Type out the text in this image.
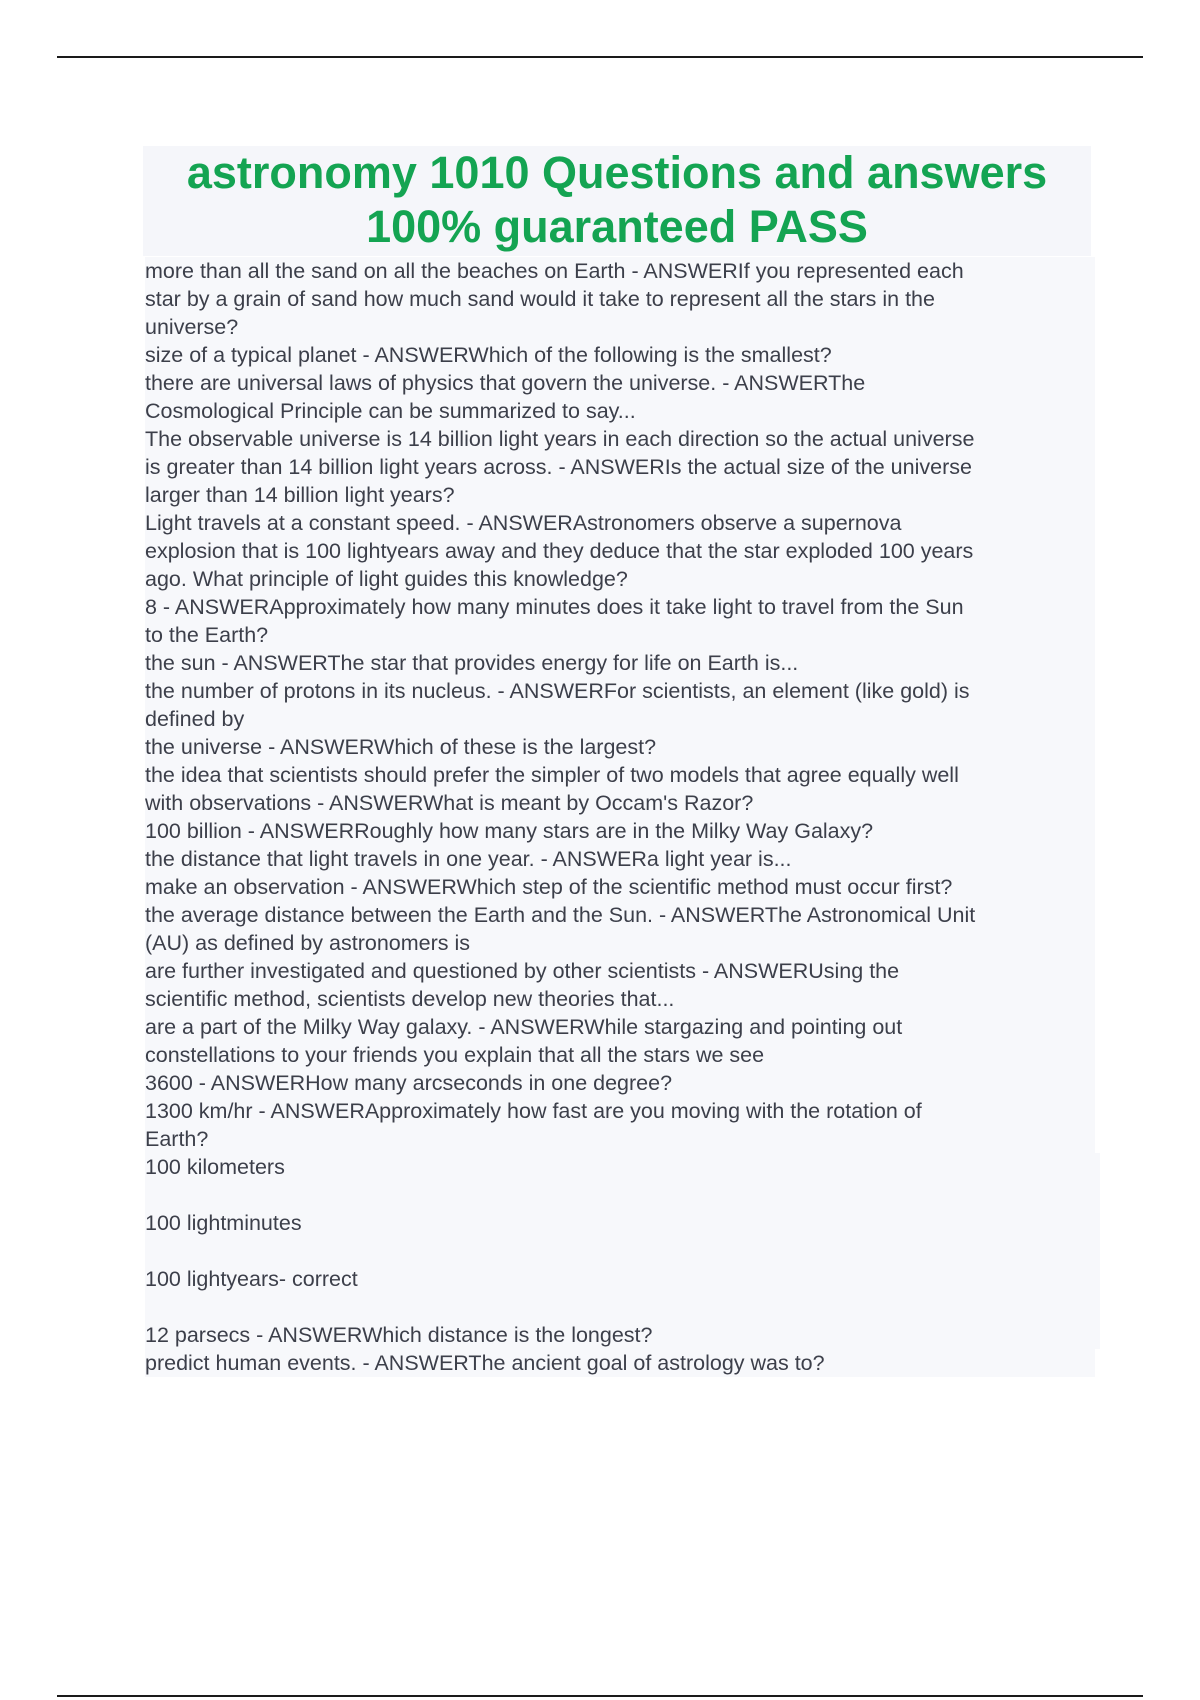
astronomy 1010 Questions and answers
100% guaranteed PASS
more than all the sand on all the beaches on Earth - ANSWERIf you represented each
star by a grain of sand how much sand would it take to represent all the stars in the
universe?
size of a typical planet - ANSWERWhich of the following is the smallest?
there are universal laws of physics that govern the universe. - ANSWERThe
Cosmological Principle can be summarized to say...
The observable universe is 14 billion light years in each direction so the actual universe
is greater than 14 billion light years across. - ANSWERIs the actual size of the universe
larger than 14 billion light years?
Light travels at a constant speed. - ANSWERAstronomers observe a supernova
explosion that is 100 lightyears away and they deduce that the star exploded 100 years
ago. What principle of light guides this knowledge?
8 - ANSWERApproximately how many minutes does it take light to travel from the Sun
to the Earth?
the sun - ANSWERThe star that provides energy for life on Earth is...
the number of protons in its nucleus. - ANSWERFor scientists, an element (like gold) is
defined by
the universe - ANSWERWhich of these is the largest?
the idea that scientists should prefer the simpler of two models that agree equally well
with observations - ANSWERWhat is meant by Occam's Razor?
100 billion - ANSWERRoughly how many stars are in the Milky Way Galaxy?
the distance that light travels in one year. - ANSWERa light year is...
make an observation - ANSWERWhich step of the scientific method must occur first?
the average distance between the Earth and the Sun. - ANSWERThe Astronomical Unit
(AU) as defined by astronomers is
are further investigated and questioned by other scientists - ANSWERUsing the
scientific method, scientists develop new theories that...
are a part of the Milky Way galaxy. - ANSWERWhile stargazing and pointing out
constellations to your friends you explain that all the stars we see
3600 - ANSWERHow many arcseconds in one degree?
1300 km/hr - ANSWERApproximately how fast are you moving with the rotation of
Earth?
100 kilometers
100 lightminutes
100 lightyears- correct
12 parsecs - ANSWERWhich distance is the longest?
predict human events. - ANSWERThe ancient goal of astrology was to?
